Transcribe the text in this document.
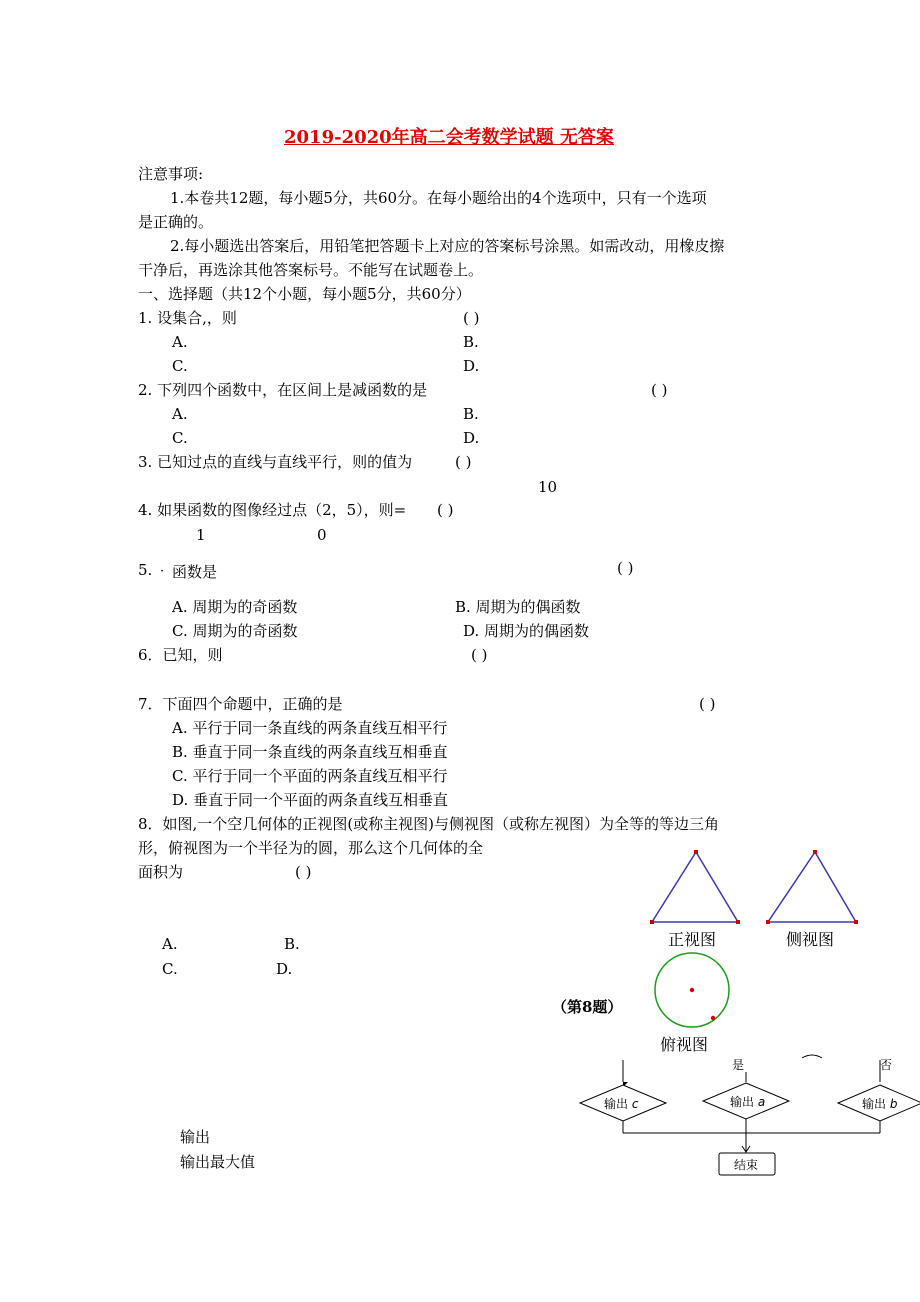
2019-2020年高二会考数学试题 无答案
注意事项:
1.本卷共12题，每小题5分，共60分。在每小题给出的4个选项中，只有一个选项
是正确的。
2.每小题选出答案后，用铅笔把答题卡上对应的答案标号涂黑。如需改动，用橡皮擦
干净后，再选涂其他答案标号。不能写在试题卷上。
一、选择题（共12个小题，每小题5分，共60分）
1. 设集合,，则	( )
A.	B.
C.	D.
2. 下列四个函数中，在区间上是减函数的是	( )
A.	B.
C.	D.
3. 已知过点的直线与直线平行，则的值为	( )
10
4. 如果函数的图像经过点（2，5），则= ( )
1	0
5. · 函数是	( )
A. 周期为的奇函数	B. 周期为的偶函数
C. 周期为的奇函数	D. 周期为的偶函数
6．已知，则	( )
7．下面四个命题中，正确的是	( )
A. 平行于同一条直线的两条直线互相平行
B. 垂直于同一条直线的两条直线互相垂直
C. 平行于同一个平面的两条直线互相平行
D. 垂直于同一个平面的两条直线互相垂直
8．如图,一个空几何体的正视图(或称主视图)与侧视图（或称左视图）为全等的等边三角
形，俯视图为一个半径为的圆，那么这个几何体的全
面积为	( )
A.	B.
C.	D.
正视图	侧视图
俯视图
（第8题）
是	否
输出 c	输出 a	输出 b
结束
输出
输出最大值
